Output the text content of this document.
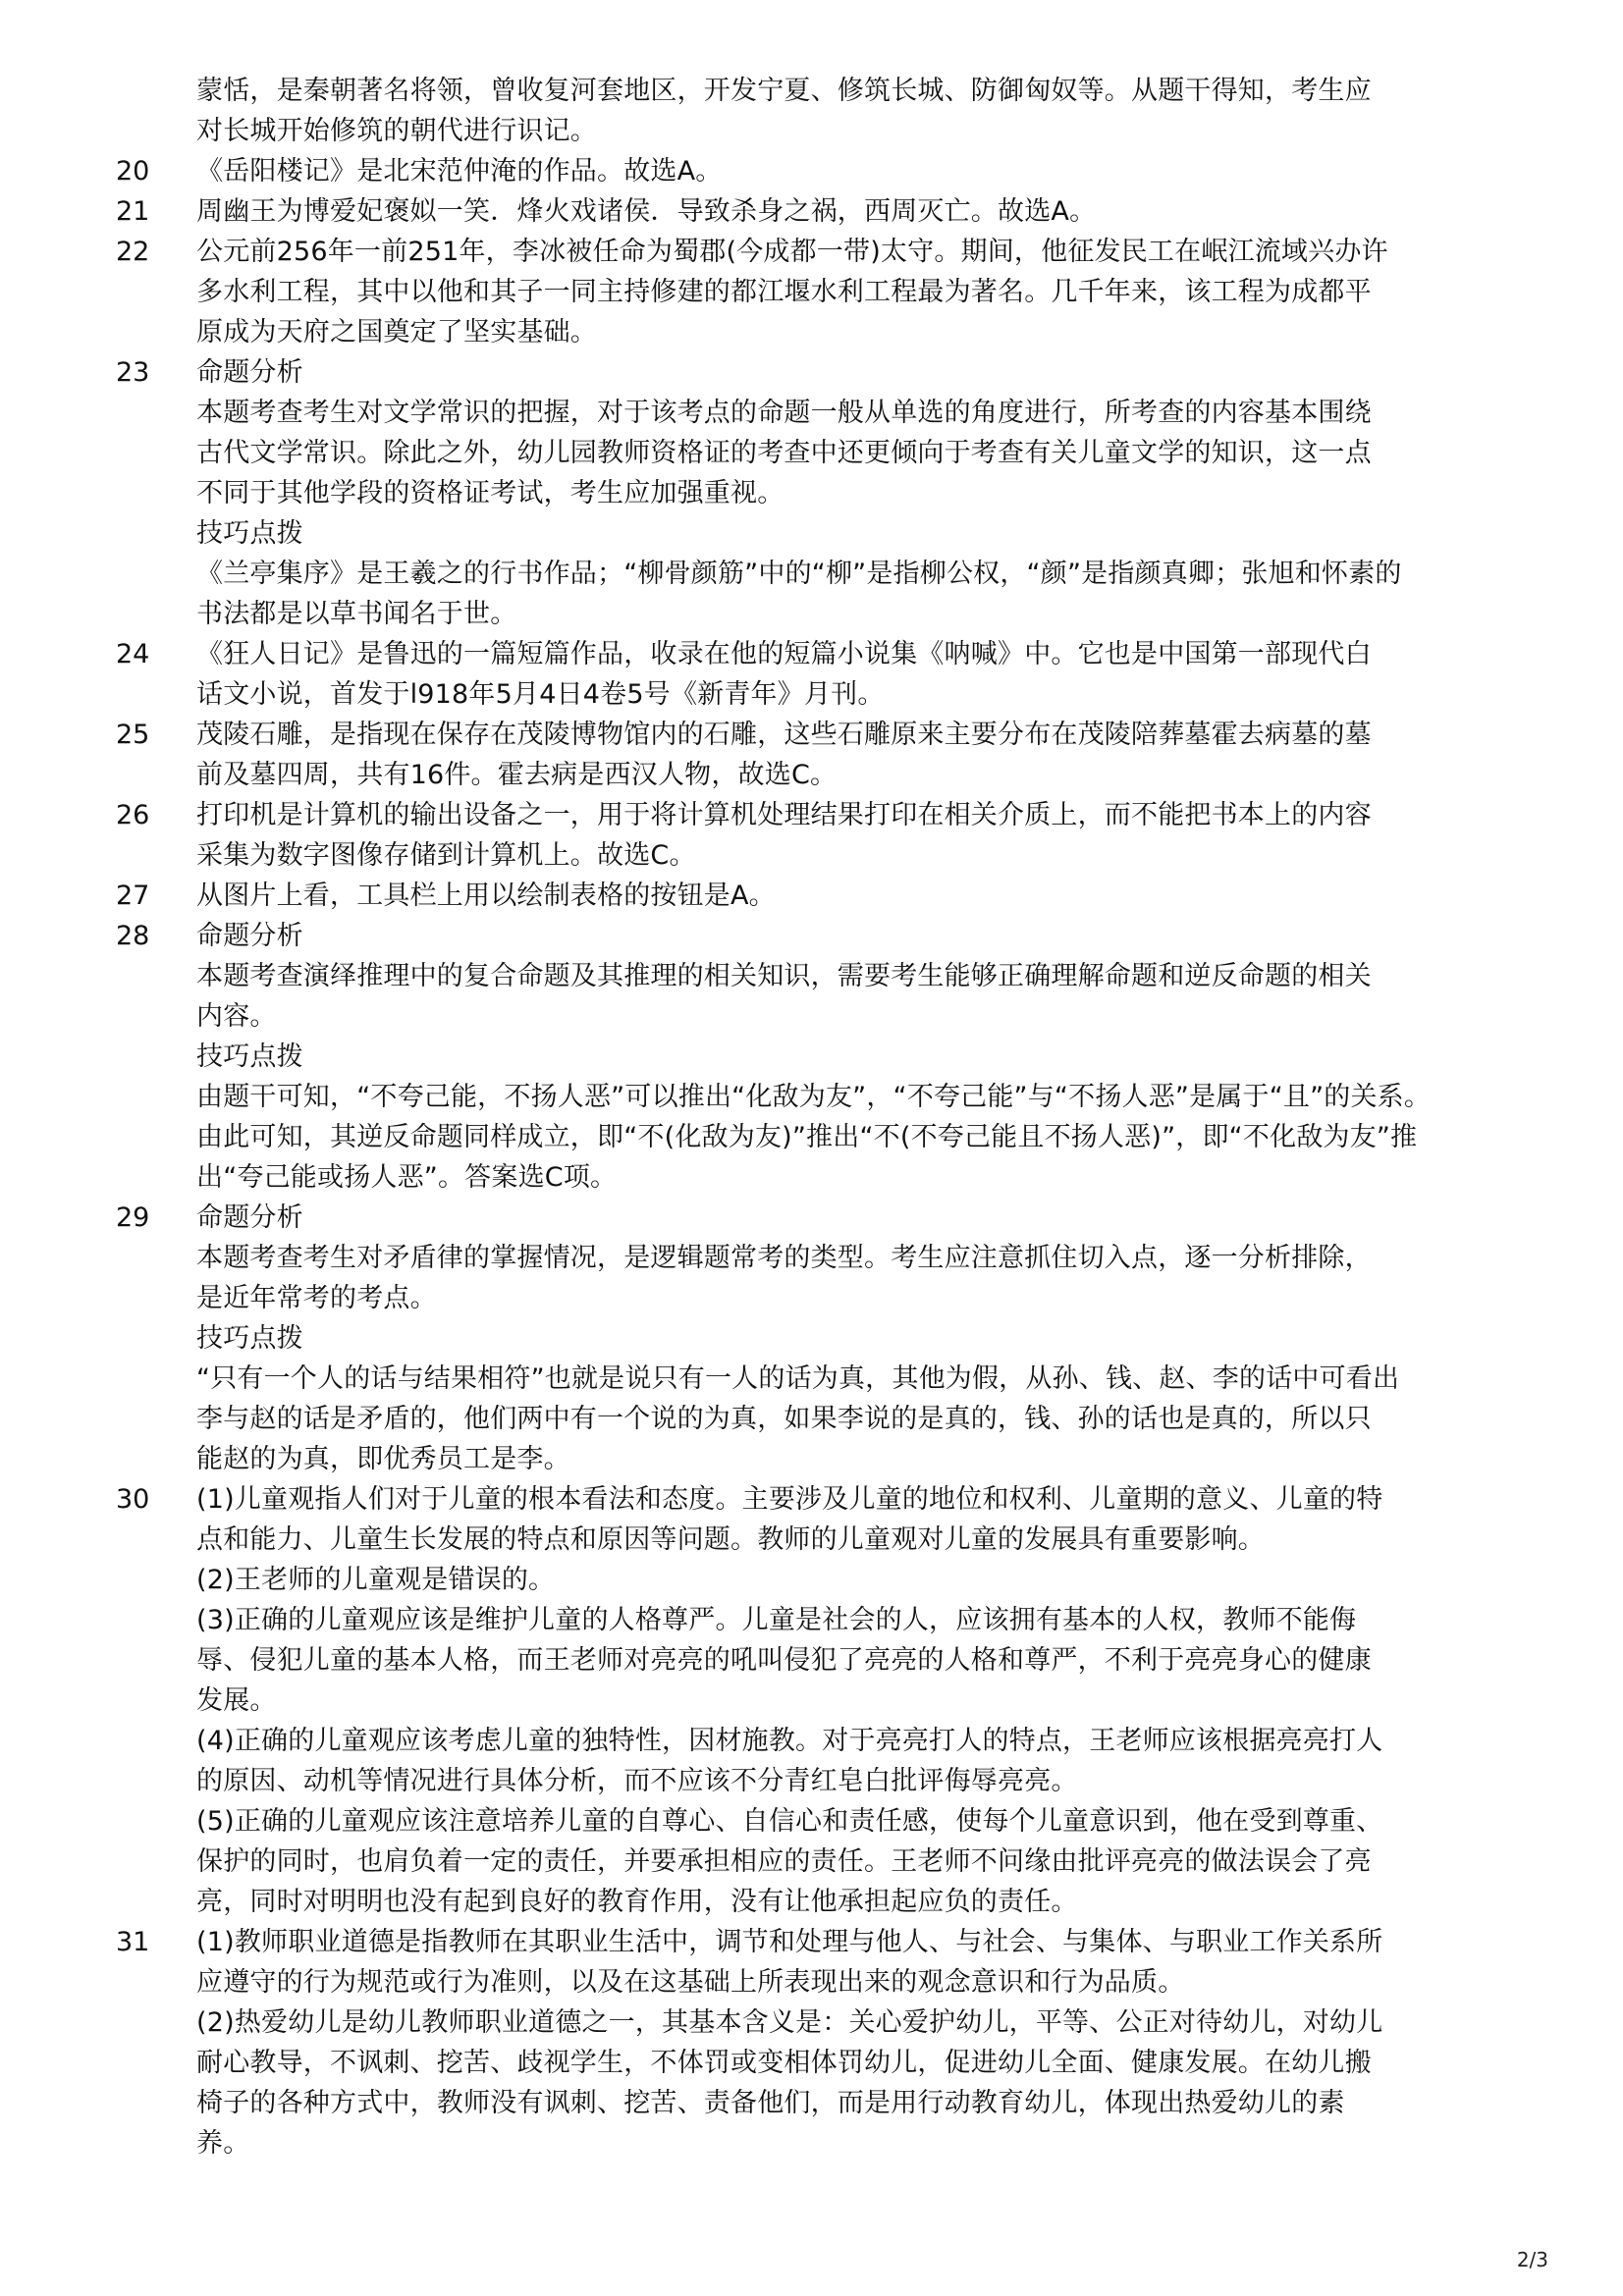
蒙恬，是秦朝著名将领，曾收复河套地区，开发宁夏、修筑长城、防御匈奴等。从题干得知，考生应
对长城开始修筑的朝代进行识记。
20	《岳阳楼记》是北宋范仲淹的作品。故选A。
21	周幽王为博爱妃褒姒一笑．烽火戏诸侯．导致杀身之祸，西周灭亡。故选A。
22	公元前256年一前251年，李冰被任命为蜀郡(今成都一带)太守。期间，他征发民工在岷江流域兴办许
多水利工程，其中以他和其子一同主持修建的都江堰水利工程最为著名。几千年来，该工程为成都平
原成为天府之国奠定了坚实基础。
23	命题分析
本题考查考生对文学常识的把握，对于该考点的命题一般从单选的角度进行，所考查的内容基本围绕
古代文学常识。除此之外，幼儿园教师资格证的考查中还更倾向于考查有关儿童文学的知识，这一点
不同于其他学段的资格证考试，考生应加强重视。
技巧点拨
《兰亭集序》是王羲之的行书作品；“柳骨颜筋”中的“柳”是指柳公权，“颜”是指颜真卿；张旭和怀素的
书法都是以草书闻名于世。
24	《狂人日记》是鲁迅的一篇短篇作品，收录在他的短篇小说集《呐喊》中。它也是中国第一部现代白
话文小说，首发于l918年5月4日4卷5号《新青年》月刊。
25	茂陵石雕，是指现在保存在茂陵博物馆内的石雕，这些石雕原来主要分布在茂陵陪葬墓霍去病墓的墓
前及墓四周，共有16件。霍去病是西汉人物，故选C。
26	打印机是计算机的输出设备之一，用于将计算机处理结果打印在相关介质上，而不能把书本上的内容
采集为数字图像存储到计算机上。故选C。
27	从图片上看，工具栏上用以绘制表格的按钮是A。
28	命题分析
本题考查演绎推理中的复合命题及其推理的相关知识，需要考生能够正确理解命题和逆反命题的相关
内容。
技巧点拨
由题干可知，“不夸己能，不扬人恶”可以推出“化敌为友”，“不夸己能”与“不扬人恶”是属于“且”的关系。
由此可知，其逆反命题同样成立，即“不(化敌为友)”推出“不(不夸己能且不扬人恶)”，即“不化敌为友”推
出“夸己能或扬人恶”。答案选C项。
29	命题分析
本题考查考生对矛盾律的掌握情况，是逻辑题常考的类型。考生应注意抓住切入点，逐一分析排除，
是近年常考的考点。
技巧点拨
“只有一个人的话与结果相符”也就是说只有一人的话为真，其他为假，从孙、钱、赵、李的话中可看出
李与赵的话是矛盾的，他们两中有一个说的为真，如果李说的是真的，钱、孙的话也是真的，所以只
能赵的为真，即优秀员工是李。
30	(1)儿童观指人们对于儿童的根本看法和态度。主要涉及儿童的地位和权利、儿童期的意义、儿童的特
点和能力、儿童生长发展的特点和原因等问题。教师的儿童观对儿童的发展具有重要影响。
(2)王老师的儿童观是错误的。
(3)正确的儿童观应该是维护儿童的人格尊严。儿童是社会的人，应该拥有基本的人权，教师不能侮
辱、侵犯儿童的基本人格，而王老师对亮亮的吼叫侵犯了亮亮的人格和尊严，不利于亮亮身心的健康
发展。
(4)正确的儿童观应该考虑儿童的独特性，因材施教。对于亮亮打人的特点，王老师应该根据亮亮打人
的原因、动机等情况进行具体分析，而不应该不分青红皂白批评侮辱亮亮。
(5)正确的儿童观应该注意培养儿童的自尊心、自信心和责任感，使每个儿童意识到，他在受到尊重、
保护的同时，也肩负着一定的责任，并要承担相应的责任。王老师不问缘由批评亮亮的做法误会了亮
亮，同时对明明也没有起到良好的教育作用，没有让他承担起应负的责任。
31	(1)教师职业道德是指教师在其职业生活中，调节和处理与他人、与社会、与集体、与职业工作关系所
应遵守的行为规范或行为准则，以及在这基础上所表现出来的观念意识和行为品质。
(2)热爱幼儿是幼儿教师职业道德之一，其基本含义是：关心爱护幼儿，平等、公正对待幼儿，对幼儿
耐心教导，不讽刺、挖苦、歧视学生，不体罚或变相体罚幼儿，促进幼儿全面、健康发展。在幼儿搬
椅子的各种方式中，教师没有讽刺、挖苦、责备他们，而是用行动教育幼儿，体现出热爱幼儿的素
养。
2/3
